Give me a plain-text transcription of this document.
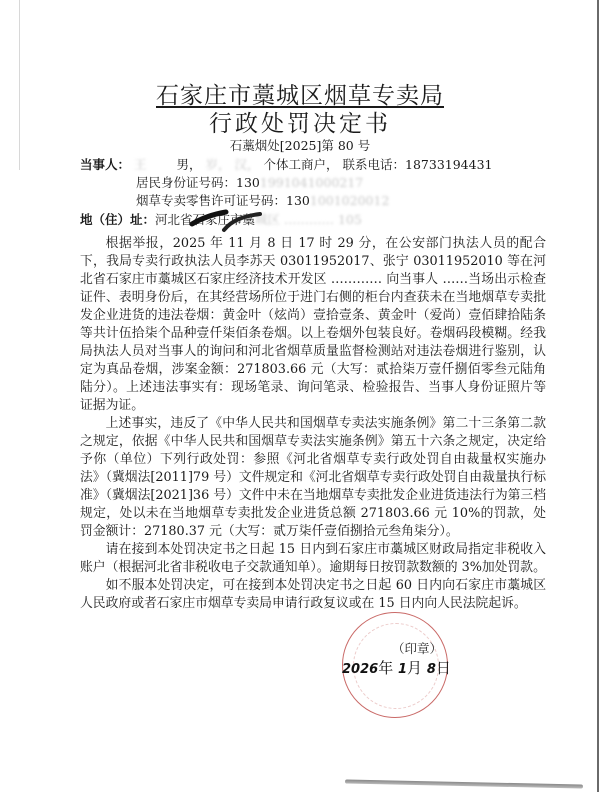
石家庄市藁城区烟草专卖局
行政处罚决定书
石藁烟处[2025]第 80 号
当事人： 王 男， 岁， 汉， 个体工商户， 联系电话：18733194431
居民身份证号码：1301991041000217
烟草专卖零售许可证号码：1301001020012
地（住）址：河北省石家庄市藁城区 ………… 105

根据举报，2025 年 11 月 8 日 17 时 29 分，在公安部门执法人员的配合下，我局专卖行政执法人员李苏天 03011952017、张宁 03011952010 等在河北省石家庄市藁城区石家庄经济技术开发区 ………… 向当事人 ……当场出示检查证件、表明身份后，在其经营场所位于进门右侧的柜台内查获未在当地烟草专卖批发企业进货的违法卷烟：黄金叶（炫尚）壹拾壹条、黄金叶（爱尚）壹佰肆拾陆条等共计伍拾柒个品种壹仟柒佰条卷烟。以上卷烟外包装良好。卷烟码段模糊。经我局执法人员对当事人的询问和河北省烟草质量监督检测站对违法卷烟进行鉴别，认定为真品卷烟，涉案金额：271803.66 元（大写：贰拾柒万壹仟捌佰零叁元陆角陆分）。上述违法事实有：现场笔录、询问笔录、检验报告、当事人身份证照片等证据为证。

上述事实，违反了《中华人民共和国烟草专卖法实施条例》第二十三条第二款之规定，依据《中华人民共和国烟草专卖法实施条例》第五十六条之规定，决定给予你（单位）下列行政处罚：参照《河北省烟草专卖行政处罚自由裁量权实施办法》（冀烟法[2011]79 号）文件规定和《河北省烟草专卖行政处罚自由裁量执行标准》（冀烟法[2021]36 号）文件中未在当地烟草专卖批发企业进货违法行为第三档规定，处以未在当地烟草专卖批发企业进货总额 271803.66 元 10%的罚款，处罚金额计：27180.37 元（大写：贰万柒仟壹佰捌拾元叁角柒分）。

请在接到本处罚决定书之日起 15 日内到石家庄市藁城区财政局指定非税收入账户（根据河北省非税收电子交款通知单）。逾期每日按罚款数额的 3%加处罚款。

如不服本处罚决定，可在接到本处罚决定书之日起 60 日内向石家庄市藁城区人民政府或者石家庄市烟草专卖局申请行政复议或在 15 日内向人民法院起诉。

（印章）
2026年 1月 8日
